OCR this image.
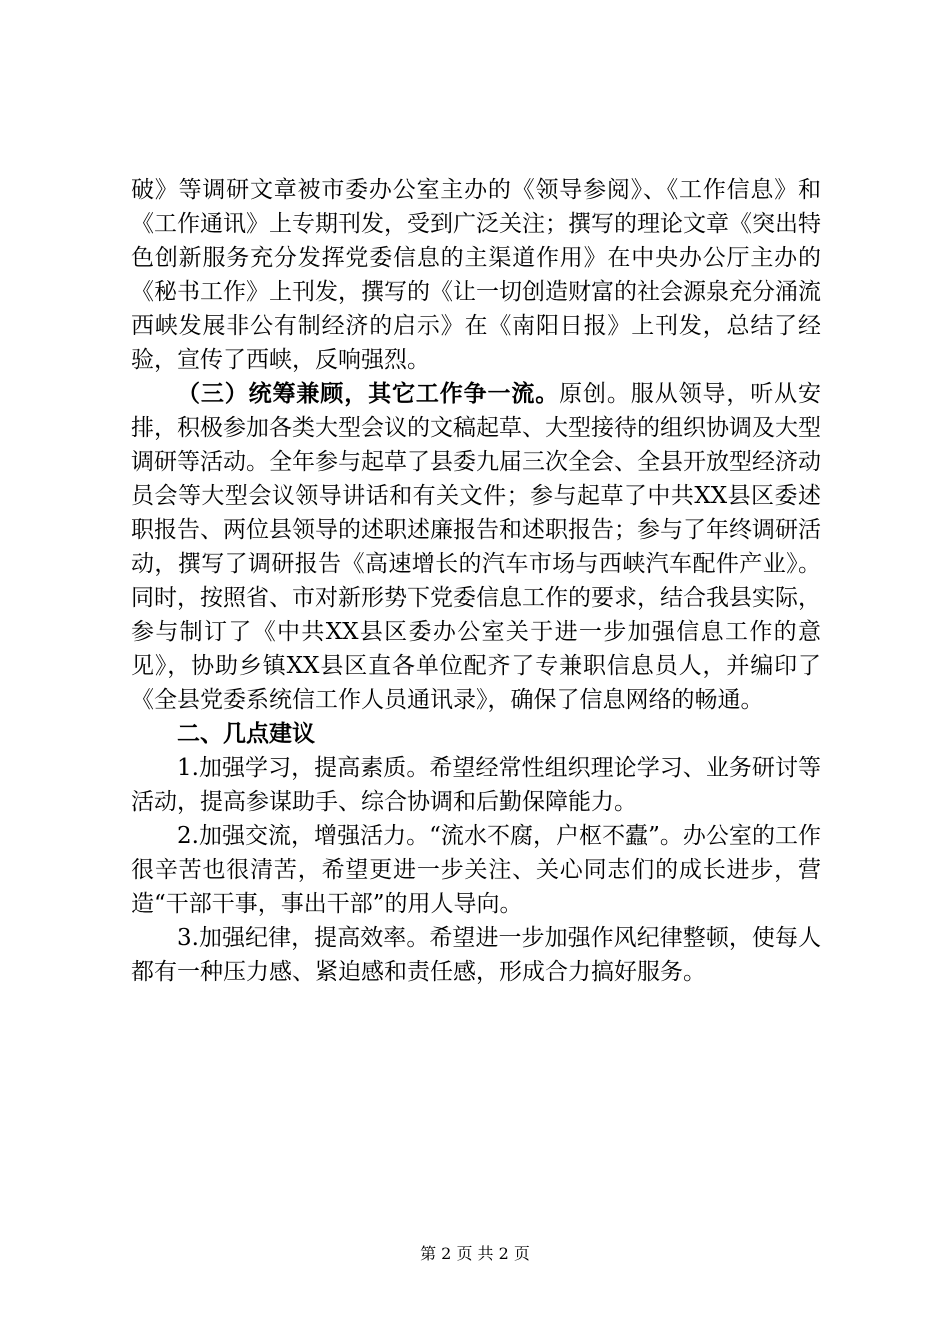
破》等调研文章被市委办公室主办的《领导参阅》、《工作信息》和《工作通讯》上专期刊发，受到广泛关注；撰写的理论文章《突出特色创新服务充分发挥党委信息的主渠道作用》在中央办公厅主办的《秘书工作》上刊发，撰写的《让一切创造财富的社会源泉充分涌流西峡发展非公有制经济的启示》在《南阳日报》上刊发，总结了经验，宣传了西峡，反响强烈。

（三）统筹兼顾，其它工作争一流。原创。服从领导，听从安排，积极参加各类大型会议的文稿起草、大型接待的组织协调及大型调研等活动。全年参与起草了县委九届三次全会、全县开放型经济动员会等大型会议领导讲话和有关文件；参与起草了中共XX县区委述职报告、两位县领导的述职述廉报告和述职报告；参与了年终调研活动，撰写了调研报告《高速增长的汽车市场与西峡汽车配件产业》。同时，按照省、市对新形势下党委信息工作的要求，结合我县实际，参与制订了《中共XX县区委办公室关于进一步加强信息工作的意见》，协助乡镇XX县区直各单位配齐了专兼职信息员人，并编印了《全县党委系统信工作人员通讯录》，确保了信息网络的畅通。

二、几点建议

1.加强学习，提高素质。希望经常性组织理论学习、业务研讨等活动，提高参谋助手、综合协调和后勤保障能力。

2.加强交流，增强活力。“流水不腐，户枢不蠹”。办公室的工作很辛苦也很清苦，希望更进一步关注、关心同志们的成长进步，营造“干部干事，事出干部”的用人导向。

3.加强纪律，提高效率。希望进一步加强作风纪律整顿，使每人都有一种压力感、紧迫感和责任感，形成合力搞好服务。

第 2 页 共 2 页
